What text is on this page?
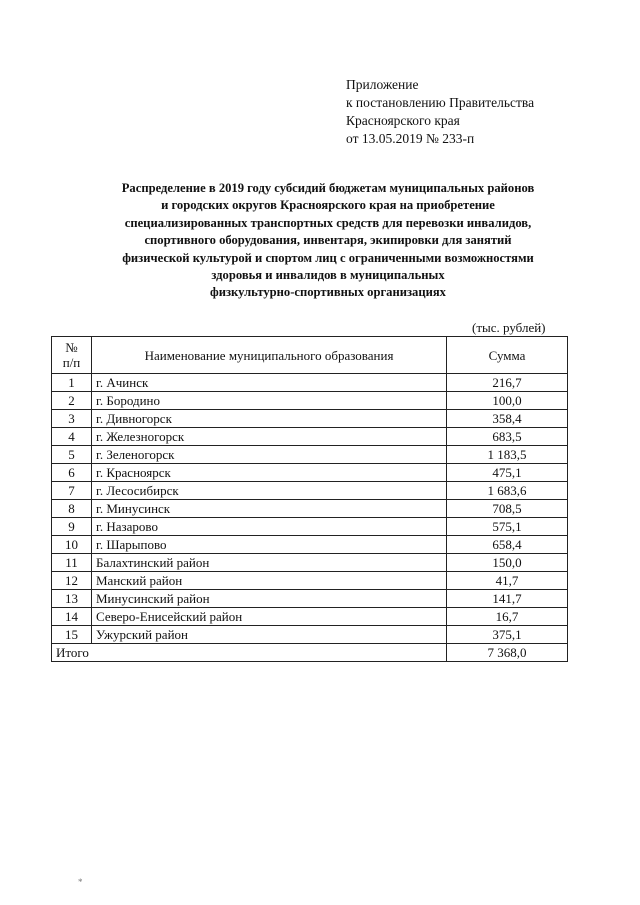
Приложение
к постановлению Правительства
Красноярского края
от 13.05.2019 № 233-п
Распределение в 2019 году субсидий бюджетам муниципальных районов
и городских округов Красноярского края на приобретение
специализированных транспортных средств для перевозки инвалидов,
спортивного оборудования, инвентаря, экипировки для занятий
физической культурой и спортом лиц с ограниченными возможностями
здоровья и инвалидов в муниципальных
физкультурно-спортивных организациях
(тыс. рублей)
№
п/п	Наименование муниципального образования	Сумма
1	г. Ачинск	216,7
2	г. Бородино	100,0
3	г. Дивногорск	358,4
4	г. Железногорск	683,5
5	г. Зеленогорск	1 183,5
6	г. Красноярск	475,1
7	г. Лесосибирск	1 683,6
8	г. Минусинск	708,5
9	г. Назарово	575,1
10	г. Шарыпово	658,4
11	Балахтинский район	150,0
12	Манский район	41,7
13	Минусинский район	141,7
14	Северо-Енисейский район	16,7
15	Ужурский район	375,1
Итого		7 368,0
*
